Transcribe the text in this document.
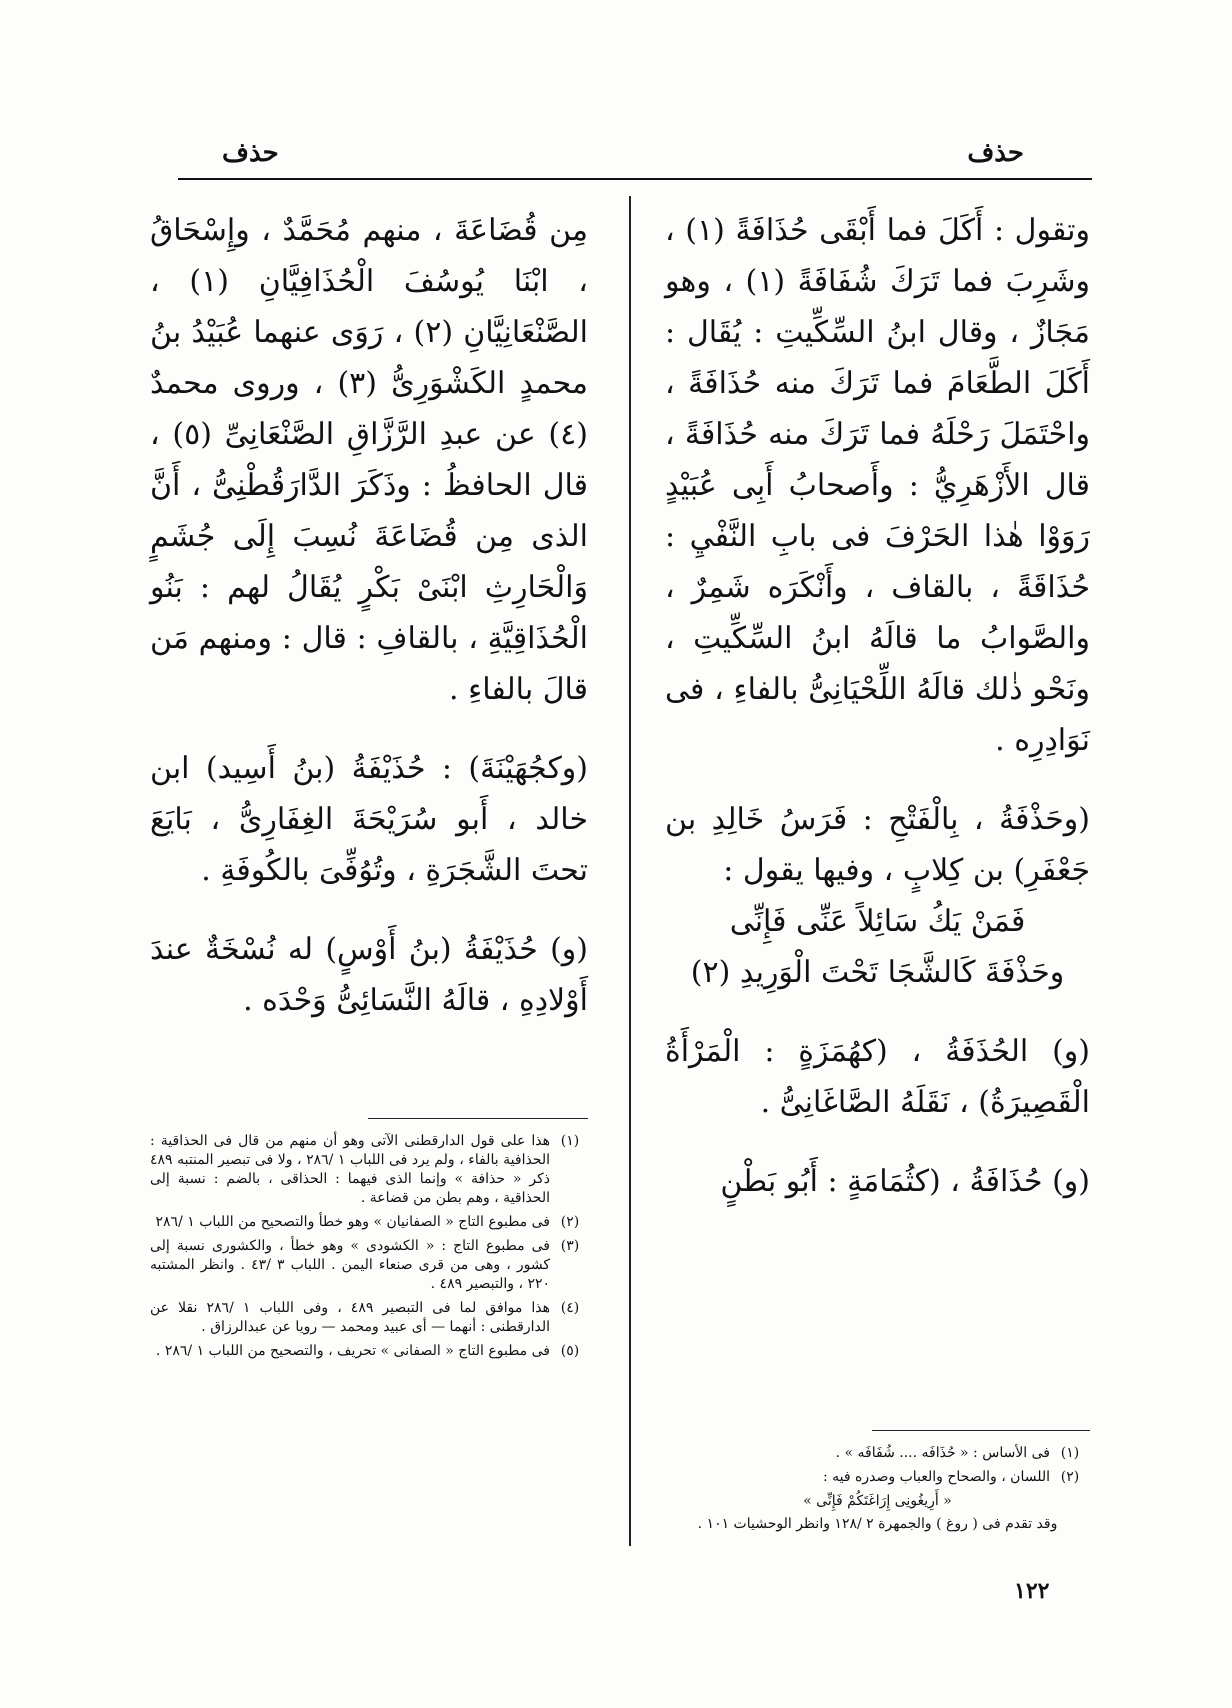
حذف
حذف

وتقول : أَكَلَ فما أَبْقَى حُذَافَةً (١) ، وشَرِبَ فما تَرَكَ شُفَافَةً (١) ، وهو مَجَازٌ ، وقال ابنُ السِّكِّيتِ : يُقَال : أَكَلَ الطَّعَامَ فما تَرَكَ منه حُذَافَةً ، واحْتَمَلَ رَحْلَهُ فما تَرَكَ منه حُذَافَةً ، قال الأَزْهَرِيُّ : وأَصحابُ أَبِى عُبَيْدٍ رَوَوْا هٰذا الحَرْفَ فى بابِ النَّفْيِ : حُذَاقَةً ، بالقاف ، وأَنْكَرَه شَمِرٌ ، والصَّوابُ ما قالَهُ ابنُ السِّكِّيتِ ، ونَحْو ذٰلك قالَهُ اللِّحْيَانِىُّ بالفاءِ ، فى نَوَادِرِه .

(وحَذْفَةُ ، بِالْفَتْحِ : فَرَسُ خَالِدِ بن جَعْفَرِ) بن كِلابٍ ، وفيها يقول :

فَمَنْ يَكُ سَائِلاً عَنِّى فَإِنِّى

وحَذْفَةَ كَالشَّجَا تَحْتَ الْوَرِيدِ (٢)

(و) الحُذَفَةُ ، (كهُمَزَةٍ : الْمَرْأَةُ الْقَصِيرَةُ) ، نَقَلَهُ الصَّاغَانِىُّ .

(و) حُذَافَةُ ، (كثُمَامَةٍ : أَبُو بَطْنٍ

مِن قُضَاعَةَ ، منهم مُحَمَّدٌ ، وإِسْحَاقُ ، ابْنَا يُوسُفَ الْحُذَافِيَّانِ (١) ، الصَّنْعَانِيَّانِ (٢) ، رَوَى عنهما عُبَيْدُ بنُ محمدٍ الكَشْوَرِىُّ (٣) ، وروى محمدٌ (٤) عن عبدِ الرَّزَّاقِ الصَّنْعَانِىِّ (٥) ، قال الحافظُ : وذَكَرَ الدَّارَقُطْنِىُّ ، أَنَّ الذى مِن قُضَاعَةَ نُسِبَ إِلَى جُشَمٍ وَالْحَارِثِ ابْنَىْ بَكْرٍ يُقَالُ لهم : بَنُو الْحُذَاقِيَّةِ ، بالقافِ : قال : ومنهم مَن قالَ بالفاءِ .

(وكجُهَيْنَةَ) : حُذَيْفَةُ (بنُ أَسِيد) ابن خالد ، أَبو سُرَيْحَةَ الغِفَارِىُّ ، بَايَعَ تحتَ الشَّجَرَةِ ، وتُوُفِّىَ بالكُوفَةِ .

(و) حُذَيْفَةُ (بنُ أَوْسٍ) له نُسْخَةٌ عندَ أَوْلادِهِ ، قالَهُ النَّسَائِىُّ وَحْدَه .

(١)
هذا على قول الدارقطنى الآتى وهو أن منهم من قال فى الحذاقية : الحذافية بالفاء ، ولم يرد فى اللباب ١ /٢٨٦ ، ولا فى تبصير المنتبه ٤٨٩ ذكر « حذافة » وإنما الذى فيهما : الحذاقى ، بالضم : نسبة إلى الحذاقية ، وهم بطن من قضاعة .
(٢)
فى مطبوع التاج « الصفانيان » وهو خطأ والتصحيح من اللباب ١ /٢٨٦
(٣)
فى مطبوع التاج : « الكشودى » وهو خطأ ، والكشورى نسبة إلى كشور ، وهى من قرى صنعاء اليمن . اللباب ٣ /٤٣ . وانظر المشتبه ٢٢٠ ، والتبصير ٤٨٩ .
(٤)
هذا موافق لما فى التبصير ٤٨٩ ، وفى اللباب ١ /٢٨٦ نقلا عن الدارقطنى : أنهما — أى عبيد ومحمد — رويا عن عبدالرزاق .
(٥)
فى مطبوع التاج « الصفانى » تحريف ، والتصحيح من اللباب ١ /٢٨٦ .
(١)
فى الأساس : « حُذَافَه .... شُفَافَه » .
(٢)
اللسان ، والصحاح والعباب وصدره فيه :
« أَرِيغُونِى إِرَاغَتَكُمْ فَإِنِّى »
وقد تقدم فى ( روغ ) والجمهرة ٢ /١٢٨ وانظر الوحشيات ١٠١ .
١٢٢
